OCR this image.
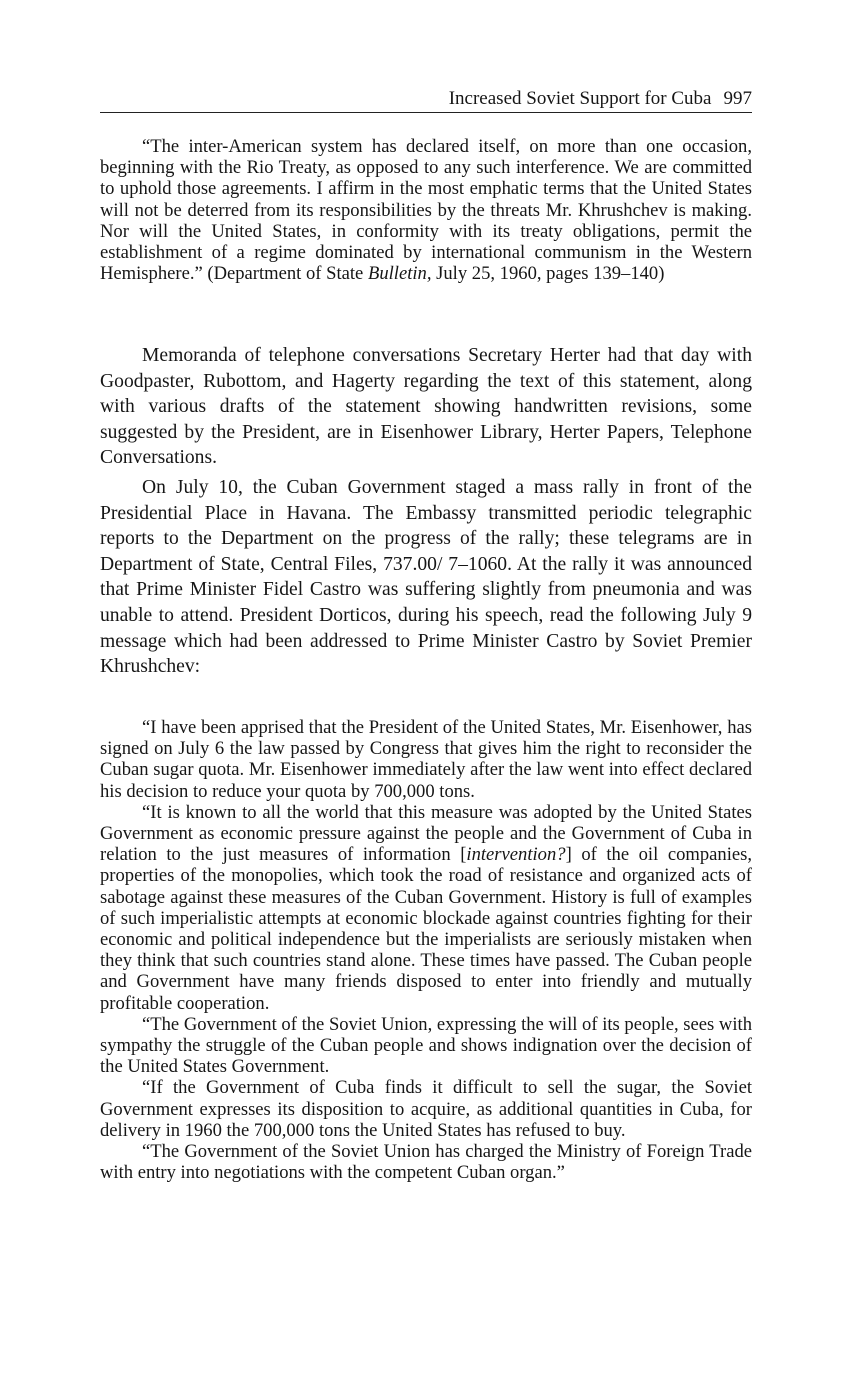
Increased Soviet Support for Cuba 997

“The inter-American system has declared itself, on more than one occasion, beginning with the Rio Treaty, as opposed to any such interference. We are committed to uphold those agreements. I affirm in the most emphatic terms that the United States will not be deterred from its responsibilities by the threats Mr. Khrushchev is making. Nor will the United States, in conformity with its treaty obligations, permit the establishment of a regime dominated by international communism in the Western Hemisphere.” (Department of State Bulletin, July 25, 1960, pages 139–140)

Memoranda of telephone conversations Secretary Herter had that day with Goodpaster, Rubottom, and Hagerty regarding the text of this statement, along with various drafts of the statement showing handwritten revisions, some suggested by the President, are in Eisenhower Library, Herter Papers, Telephone Conversations.

On July 10, the Cuban Government staged a mass rally in front of the Presidential Place in Havana. The Embassy transmitted periodic telegraphic reports to the Department on the progress of the rally; these telegrams are in Department of State, Central Files, 737.00/ 7–1060. At the rally it was announced that Prime Minister Fidel Castro was suffering slightly from pneumonia and was unable to attend. President Dorticos, during his speech, read the following July 9 message which had been addressed to Prime Minister Castro by Soviet Premier Khrushchev:

“I have been apprised that the President of the United States, Mr. Eisenhower, has signed on July 6 the law passed by Congress that gives him the right to reconsider the Cuban sugar quota. Mr. Eisenhower immediately after the law went into effect declared his decision to reduce your quota by 700,000 tons.

“It is known to all the world that this measure was adopted by the United States Government as economic pressure against the people and the Government of Cuba in relation to the just measures of information [intervention?] of the oil companies, properties of the monopolies, which took the road of resistance and organized acts of sabotage against these measures of the Cuban Government. History is full of examples of such imperialistic attempts at economic blockade against countries fighting for their economic and political independence but the imperialists are seriously mistaken when they think that such countries stand alone. These times have passed. The Cuban people and Government have many friends disposed to enter into friendly and mutually profitable cooperation.

“The Government of the Soviet Union, expressing the will of its people, sees with sympathy the struggle of the Cuban people and shows indignation over the decision of the United States Government.

“If the Government of Cuba finds it difficult to sell the sugar, the Soviet Government expresses its disposition to acquire, as additional quantities in Cuba, for delivery in 1960 the 700,000 tons the United States has refused to buy.

“The Government of the Soviet Union has charged the Ministry of Foreign Trade with entry into negotiations with the competent Cuban organ.”
